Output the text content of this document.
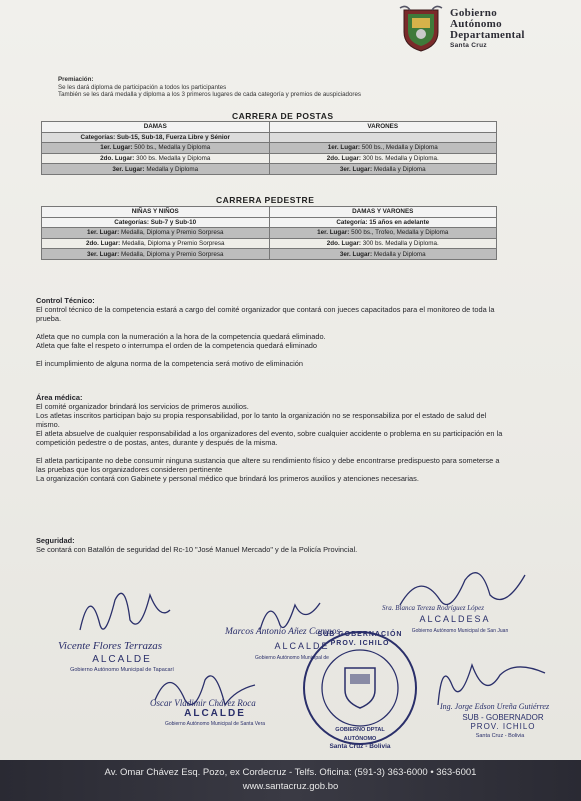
Gobierno
Autónomo
Departamental
Santa Cruz
Premiación:
Se les dará diploma de participación a todos los participantes
También se les dará medalla y diploma a los 3 primeros lugares de cada categoría y premios de auspiciadores
CARRERA DE POSTAS
DAMAS	VARONES
Categorías: Sub-15, Sub-18, Fuerza Libre y Sénior	
1er. Lugar: 500 bs., Medalla y Diploma	1er. Lugar: 500 bs., Medalla y Diploma
2do. Lugar: 300 bs. Medalla y Diploma	2do. Lugar: 300 bs. Medalla y Diploma.
3er. Lugar: Medalla y Diploma	3er. Lugar: Medalla y Diploma
CARRERA PEDESTRE
NIÑAS Y NIÑOS	DAMAS Y VARONES
Categorías: Sub-7 y Sub-10	Categoría: 15 años en adelante
1er. Lugar: Medalla, Diploma y Premio Sorpresa	1er. Lugar: 500 bs., Trofeo, Medalla y Diploma
2do. Lugar: Medalla, Diploma y Premio Sorpresa	2do. Lugar: 300 bs. Medalla y Diploma.
3er. Lugar: Medalla, Diploma y Premio Sorpresa	3er. Lugar: Medalla y Diploma

Control Técnico:

El control técnico de la competencia estará a cargo del comité organizador que contará con jueces capacitados para el monitoreo de toda la prueba.

Atleta que no cumpla con la numeración a la hora de la competencia quedará eliminado.

Atleta que falte el respeto o interrumpa el orden de la competencia quedará eliminado

El incumplimiento de alguna norma de la competencia será motivo de eliminación

Área médica:

El comité organizador brindará los servicios de primeros auxilios.

Los atletas inscritos participan bajo su propia responsabilidad, por lo tanto la organización no se responsabiliza por el estado de salud del mismo.

El atleta absuelve de cualquier responsabilidad a los organizadores del evento, sobre cualquier accidente o problema en su participación en la competición pedestre o de postas, antes, durante y después de la misma.

El atleta participante no debe consumir ninguna sustancia que altere su rendimiento físico y debe encontrarse predispuesto para someterse a las pruebas que los organizadores consideren pertinente

La organización contará con Gabinete y personal médico que brindará los primeros auxilios y atenciones necesarias.

Seguridad:

Se contará con Batallón de seguridad del Rc-10 "José Manuel Mercado" y de la Policía Provincial.

Vicente Flores Terrazas
ALCALDE
Gobierno Autónomo Municipal de Tapacarí
Marcos Antonio Añez Campos
ALCALDE
Gobierno Autónomo Municipal de
Oscar Vladimir Chávez Roca
ALCALDE
Gobierno Autónomo Municipal de Santa Vera
Sra. Blanca Tereza Rodríguez López
ALCALDESA
Gobierno Autónomo Municipal de San Juan
SUB GOBERNACIÓN PROV. ICHILO
GOBIERNO DPTAL AUTÓNOMO
Santa Cruz - Bolivia
Ing. Jorge Edson Ureña Gutiérrez
SUB - GOBERNADOR
PROV. ICHILO
Santa Cruz - Bolivia
Av. Omar Chávez Esq. Pozo, ex Cordecruz - Telfs. Oficina: (591-3) 363-6000 • 363-6001
www.santacruz.gob.bo
